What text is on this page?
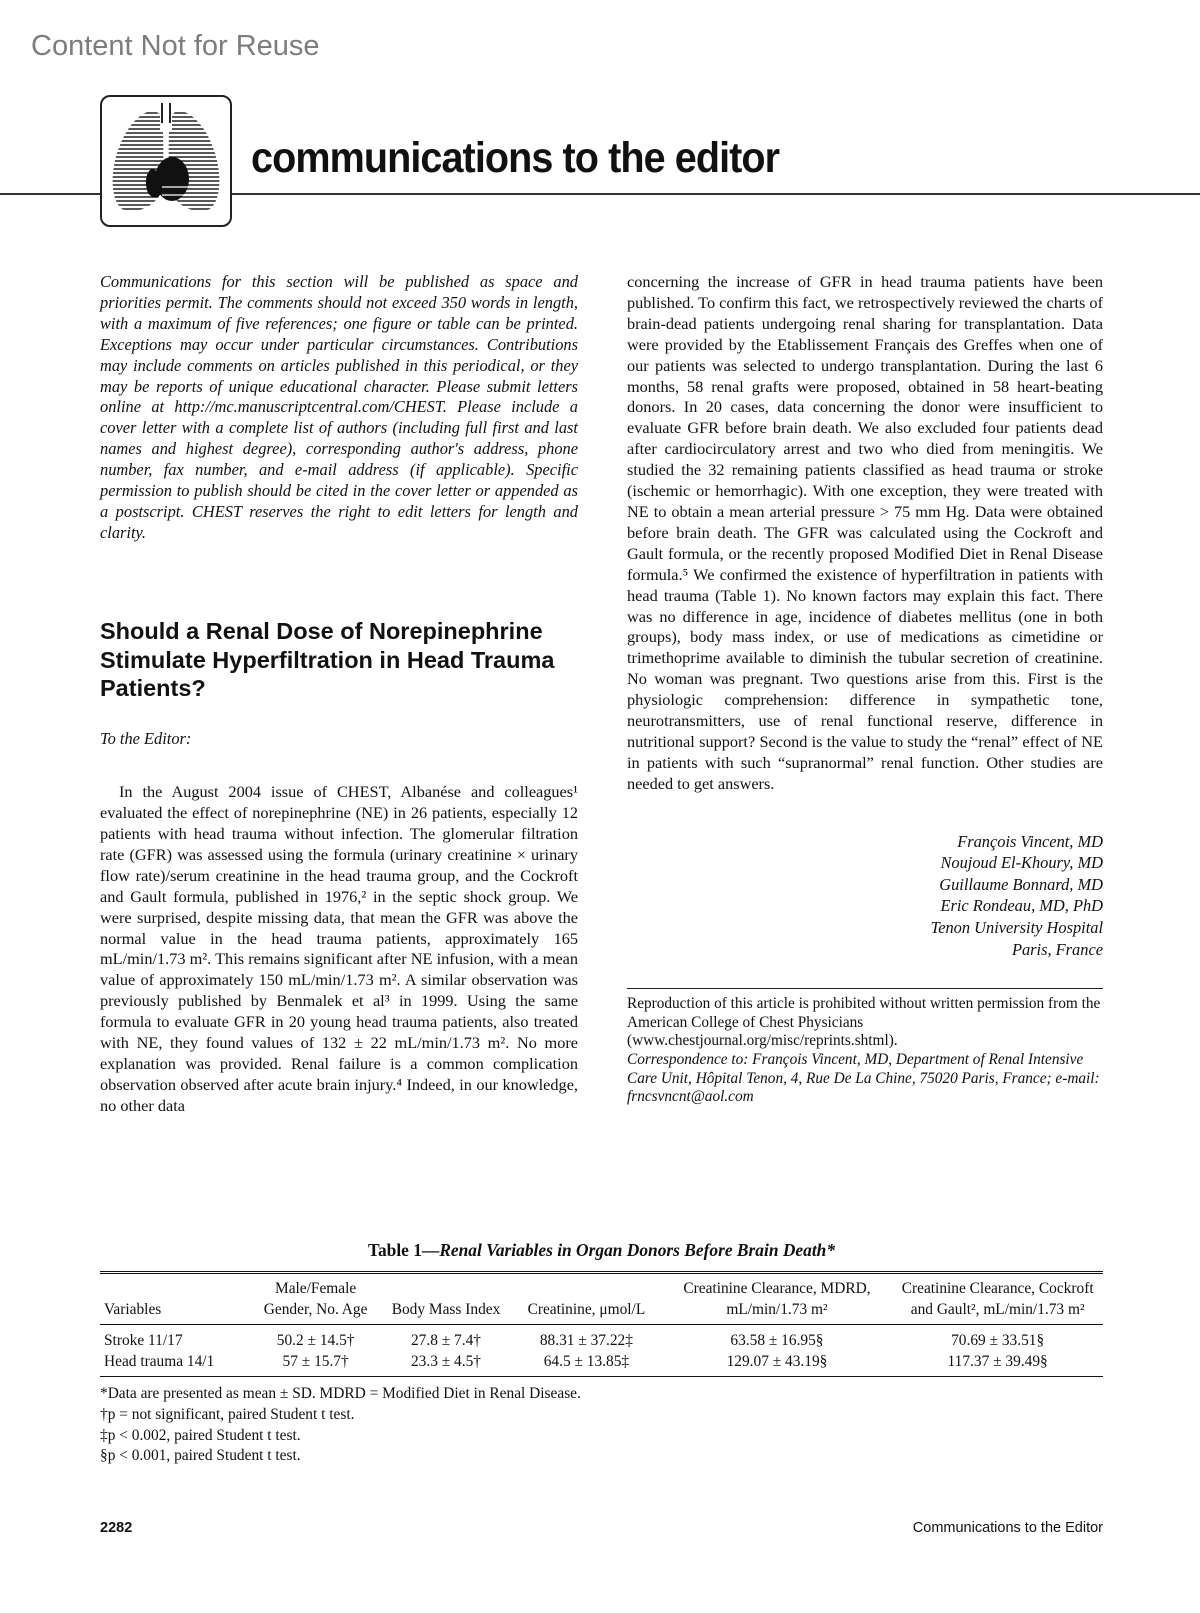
Content Not for Reuse
communications to the editor

Communications for this section will be published as space and priorities permit. The comments should not exceed 350 words in length, with a maximum of five references; one figure or table can be printed. Exceptions may occur under particular circumstances. Contributions may include comments on articles published in this periodical, or they may be reports of unique educational character. Please submit letters online at http://mc.manuscriptcentral.com/CHEST. Please include a cover letter with a complete list of authors (including full first and last names and highest degree), corresponding author's address, phone number, fax number, and e-mail address (if applicable). Specific permission to publish should be cited in the cover letter or appended as a postscript. CHEST reserves the right to edit letters for length and clarity.

Should a Renal Dose of Norepinephrine Stimulate Hyperfiltration in Head Trauma Patients?

To the Editor:

In the August 2004 issue of CHEST, Albanése and colleagues¹ evaluated the effect of norepinephrine (NE) in 26 patients, especially 12 patients with head trauma without infection. The glomerular filtration rate (GFR) was assessed using the formula (urinary creatinine × urinary flow rate)/serum creatinine in the head trauma group, and the Cockroft and Gault formula, published in 1976,² in the septic shock group. We were surprised, despite missing data, that mean the GFR was above the normal value in the head trauma patients, approximately 165 mL/min/1.73 m². This remains significant after NE infusion, with a mean value of approximately 150 mL/min/1.73 m². A similar observation was previously published by Benmalek et al³ in 1999. Using the same formula to evaluate GFR in 20 young head trauma patients, also treated with NE, they found values of 132 ± 22 mL/min/1.73 m². No more explanation was provided. Renal failure is a common complication observation observed after acute brain injury.⁴ Indeed, in our knowledge, no other data

concerning the increase of GFR in head trauma patients have been published. To confirm this fact, we retrospectively reviewed the charts of brain-dead patients undergoing renal sharing for transplantation. Data were provided by the Etablissement Français des Greffes when one of our patients was selected to undergo transplantation. During the last 6 months, 58 renal grafts were proposed, obtained in 58 heart-beating donors. In 20 cases, data concerning the donor were insufficient to evaluate GFR before brain death. We also excluded four patients dead after cardiocirculatory arrest and two who died from meningitis. We studied the 32 remaining patients classified as head trauma or stroke (ischemic or hemorrhagic). With one exception, they were treated with NE to obtain a mean arterial pressure > 75 mm Hg. Data were obtained before brain death. The GFR was calculated using the Cockroft and Gault formula, or the recently proposed Modified Diet in Renal Disease formula.⁵ We confirmed the existence of hyperfiltration in patients with head trauma (Table 1). No known factors may explain this fact. There was no difference in age, incidence of diabetes mellitus (one in both groups), body mass index, or use of medications as cimetidine or trimethoprime available to diminish the tubular secretion of creatinine. No woman was pregnant. Two questions arise from this. First is the physiologic comprehension: difference in sympathetic tone, neurotransmitters, use of renal functional reserve, difference in nutritional support? Second is the value to study the “renal” effect of NE in patients with such “supranormal” renal function. Other studies are needed to get answers.

François Vincent, MD
Noujoud El-Khoury, MD
Guillaume Bonnard, MD
Eric Rondeau, MD, PhD
Tenon University Hospital
Paris, France

Reproduction of this article is prohibited without written permission from the American College of Chest Physicians (www.chestjournal.org/misc/reprints.shtml).

Correspondence to: François Vincent, MD, Department of Renal Intensive Care Unit, Hôpital Tenon, 4, Rue De La Chine, 75020 Paris, France; e-mail: frncsvncnt@aol.com

Table 1—Renal Variables in Organ Donors Before Brain Death*

Variables	Male/Female Gender, No. Age	Body Mass Index	Creatinine, μmol/L	Creatinine Clearance, MDRD, mL/min/1.73 m²	Creatinine Clearance, Cockroft and Gault², mL/min/1.73 m²
Stroke 11/17	50.2 ± 14.5†	27.8 ± 7.4†	88.31 ± 37.22‡	63.58 ± 16.95§	70.69 ± 33.51§
Head trauma 14/1	57 ± 15.7†	23.3 ± 4.5†	64.5 ± 13.85‡	129.07 ± 43.19§	117.37 ± 39.49§
*Data are presented as mean ± SD. MDRD = Modified Diet in Renal Disease.
†p = not significant, paired Student t test.
‡p < 0.002, paired Student t test.
§p < 0.001, paired Student t test.
2282	Communications to the Editor
